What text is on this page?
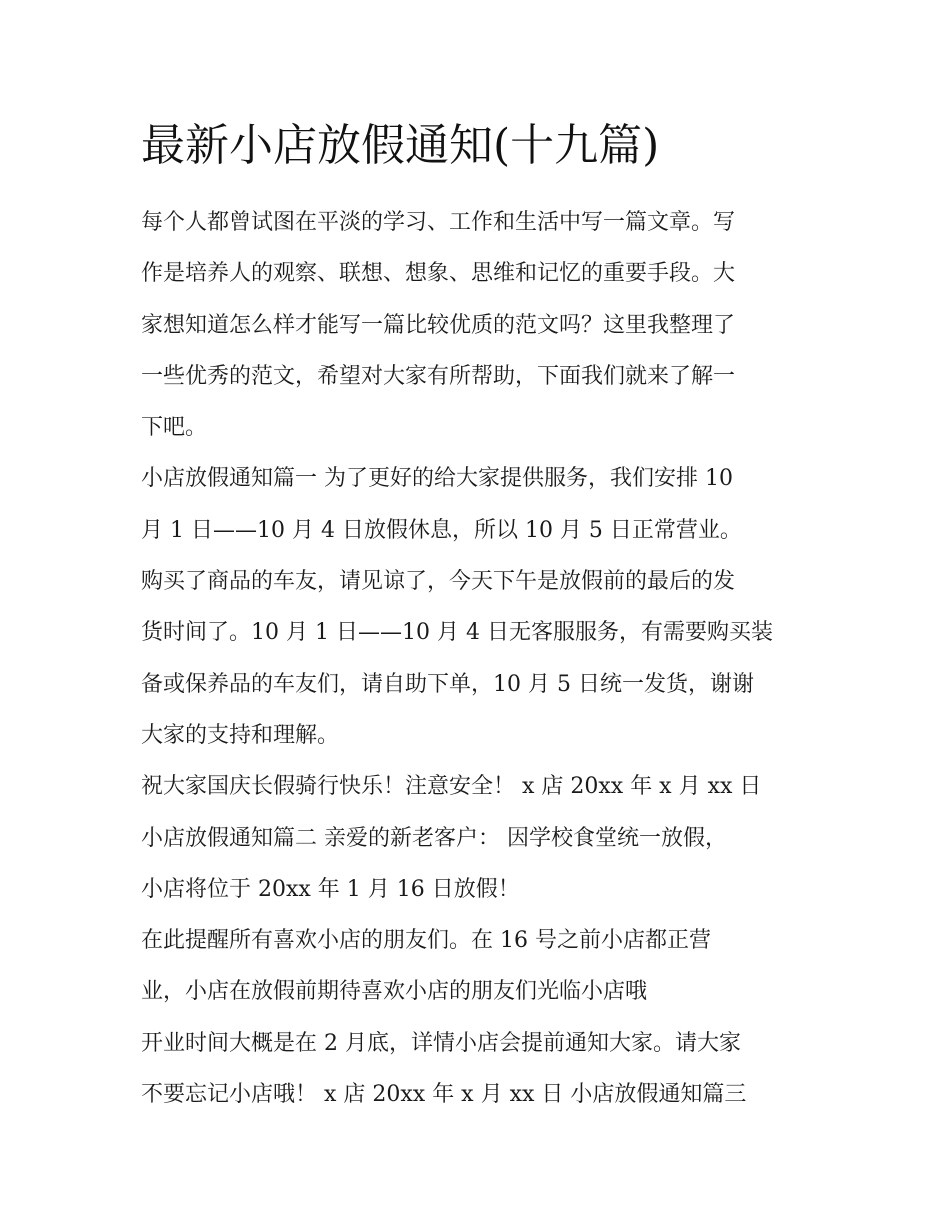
最新小店放假通知(十九篇)
每个人都曾试图在平淡的学习、工作和生活中写一篇文章。写
作是培养人的观察、联想、想象、思维和记忆的重要手段。大
家想知道怎么样才能写一篇比较优质的范文吗？这里我整理了
一些优秀的范文，希望对大家有所帮助，下面我们就来了解一
下吧。
小店放假通知篇一 为了更好的给大家提供服务，我们安排 10
月 1 日——10 月 4 日放假休息，所以 10 月 5 日正常营业。
购买了商品的车友，请见谅了，今天下午是放假前的最后的发
货时间了。10 月 1 日——10 月 4 日无客服服务，有需要购买装
备或保养品的车友们，请自助下单，10 月 5 日统一发货，谢谢
大家的支持和理解。
祝大家国庆长假骑行快乐！注意安全！ x 店 20xx 年 x 月 xx 日
小店放假通知篇二 亲爱的新老客户： 因学校食堂统一放假，
小店将位于 20xx 年 1 月 16 日放假！
在此提醒所有喜欢小店的朋友们。在 16 号之前小店都正营
业，小店在放假前期待喜欢小店的朋友们光临小店哦
开业时间大概是在 2 月底，详情小店会提前通知大家。请大家
不要忘记小店哦！ x 店 20xx 年 x 月 xx 日 小店放假通知篇三
